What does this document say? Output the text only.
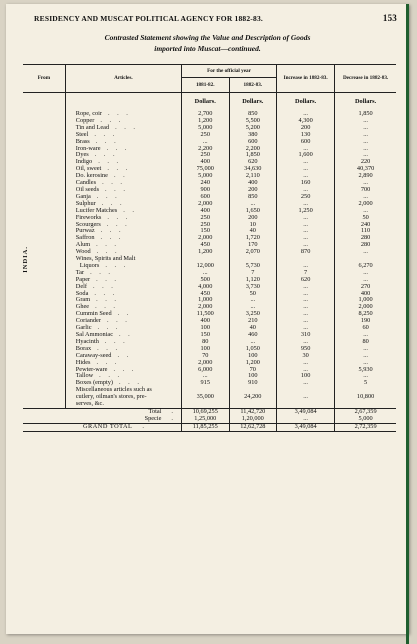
RESIDENCY AND MUSCAT POLITICAL AGENCY FOR 1882-83.	153
Contrasted Statement showing the Value and Description of Goods
imported into Muscat—continued.
From	Articles.	For the official year		Increase in 1882-83.	Decrease in 1882-83.
		1881-82.	1882-83.		
		Dollars.	Dollars.	Dollars.	Dollars.

INDIA.	Rope, coir . . .	2,700	850	...	1,850
	Copper . . .	1,200	5,500	4,300	...
	Tin and Lead . . .	5,000	5,200	200	...
	Steel . . .	250	380	130	...
	Brass . . .	...	600	600	...
	Iron-ware . . .	2,200	2,200	...	...
	Dyes . . .	250	1,850	1,600	...
	Indigo . . .	400	620	...	220
	Oil, sweet . . .	75,000	34,630	...	40,370
	Do. kerosine . .	5,000	2,110	...	2,890
	Candles . . .	240	400	160	...
	Oil seeds . . .	900	200	...	700
	Ganja . . .	600	850	250	...
	Sulphur . . .	2,000	...	...	2,000
	Lucifer Matches . .	400	1,650	1,250	...
	Fireworks . . .	250	200	...	50
	Scourgers . . .	250	10	...	240
	Purwaz . . .	150	40	...	110
	Saffron . . .	2,000	1,720	...	280
	Alum . . .	450	170	...	280
	Wood . . .	1,200	2,070	870	...
	Wines, Spirits and Malt				
	Liquors . . .	12,000	5,730	...	6,270
	Tar . . .	...	7	7	...
	Paper . . .	500	1,120	620	...
	Delf . . .	4,000	3,730	...	270
	Soda . . .	450	50	...	400
	Gram . . .	1,000	...	...	1,000
	Ghee . . .	2,000	...	...	2,000
	Cummin Seed . .	11,500	3,250	...	8,250
	Coriander . . .	400	210	...	190
	Garlic . . .	100	40	...	60
	Sal Ammoniac . .	150	460	310	...
	Hyacinth . . .	80	...	...	80
	Borax . . .	100	1,050	950	...
	Caraway-seed . .	70	100	30	...
	Hides . . .	2,000	1,200	...	...
	Pewter-ware . . .	6,000	70	...	5,930
	Tallow . . .	...	100	100	...
	Boxes (empty) . . .	915	910	...	5
	Miscellaneous articles such as				
	cutlery, oilman's stores, pre-	35,000	24,200	...	10,800
	serves, &c.				
Total .		10,69,255	11,42,720	3,49,084	2,67,359
Specie .		1,25,000	1,20,000	...	5,000
GRAND TOTAL .		11,85,255	12,62,728	3,49,084	2,72,359
